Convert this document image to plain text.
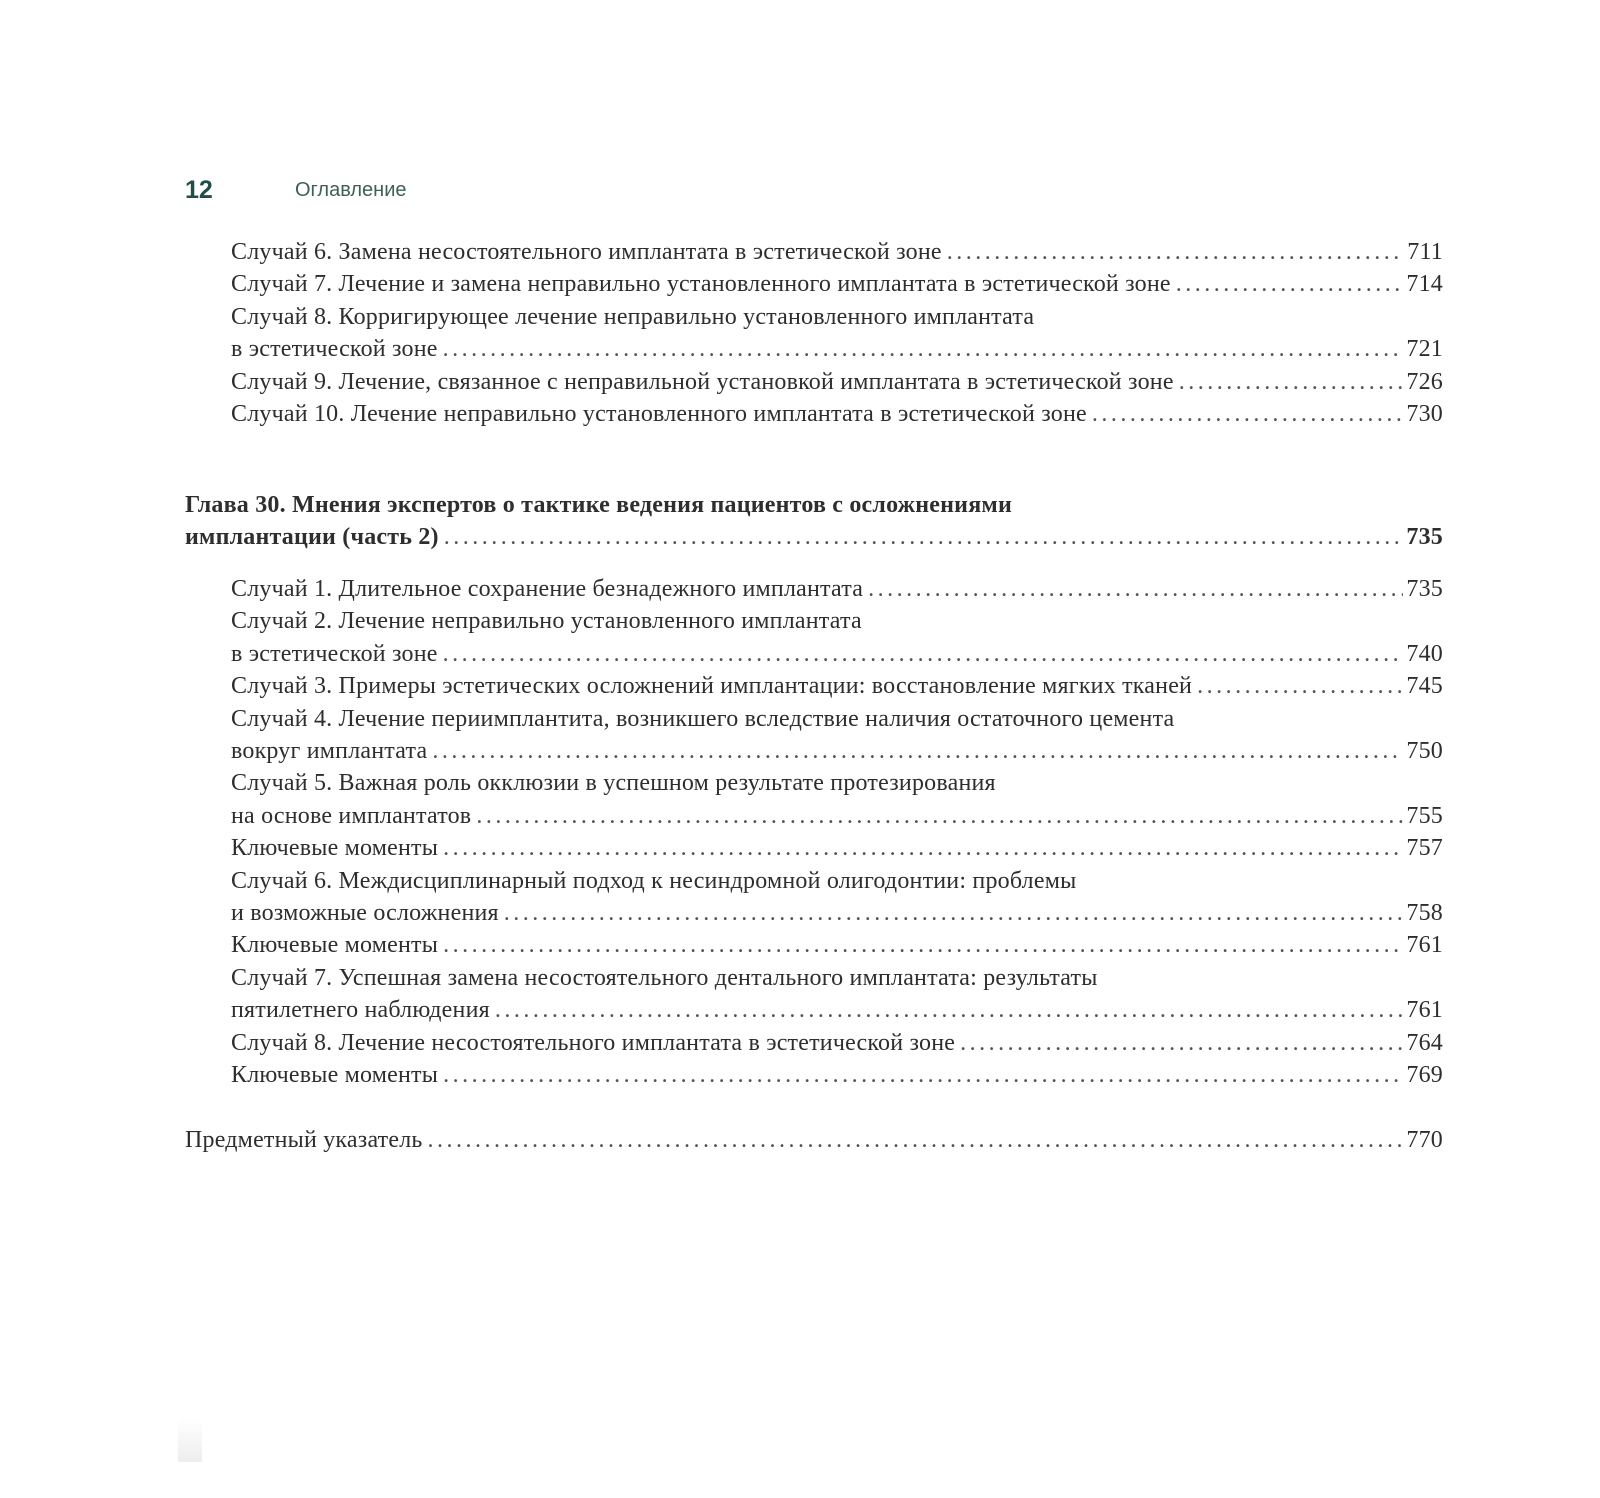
12	Оглавление
Случай 6. Замена несостоятельного имплантата в эстетической зоне .....	711
Случай 7. Лечение и замена неправильно установленного имплантата в эстетической зоне .....	714
Случай 8. Корригирующее лечение неправильно установленного имплантата
в эстетической зоне .....	721
Случай 9. Лечение, связанное с неправильной установкой имплантата в эстетической зоне .....	726
Случай 10. Лечение неправильно установленного имплантата в эстетической зоне .....	730
Глава 30. Мнения экспертов о тактике ведения пациентов с осложнениями
имплантации (часть 2) .....	735
Случай 1. Длительное сохранение безнадежного имплантата .....	735
Случай 2. Лечение неправильно установленного имплантата
в эстетической зоне .....	740
Случай 3. Примеры эстетических осложнений имплантации: восстановление мягких тканей .....	745
Случай 4. Лечение периимплантита, возникшего вследствие наличия остаточного цемента
вокруг имплантата .....	750
Случай 5. Важная роль окклюзии в успешном результате протезирования
на основе имплантатов .....	755
Ключевые моменты .....	757
Случай 6. Междисциплинарный подход к несиндромной олигодонтии: проблемы
и возможные осложнения .....	758
Ключевые моменты .....	761
Случай 7. Успешная замена несостоятельного дентального имплантата: результаты
пятилетнего наблюдения .....	761
Случай 8. Лечение несостоятельного имплантата в эстетической зоне .....	764
Ключевые моменты .....	769
Предметный указатель .....	770
